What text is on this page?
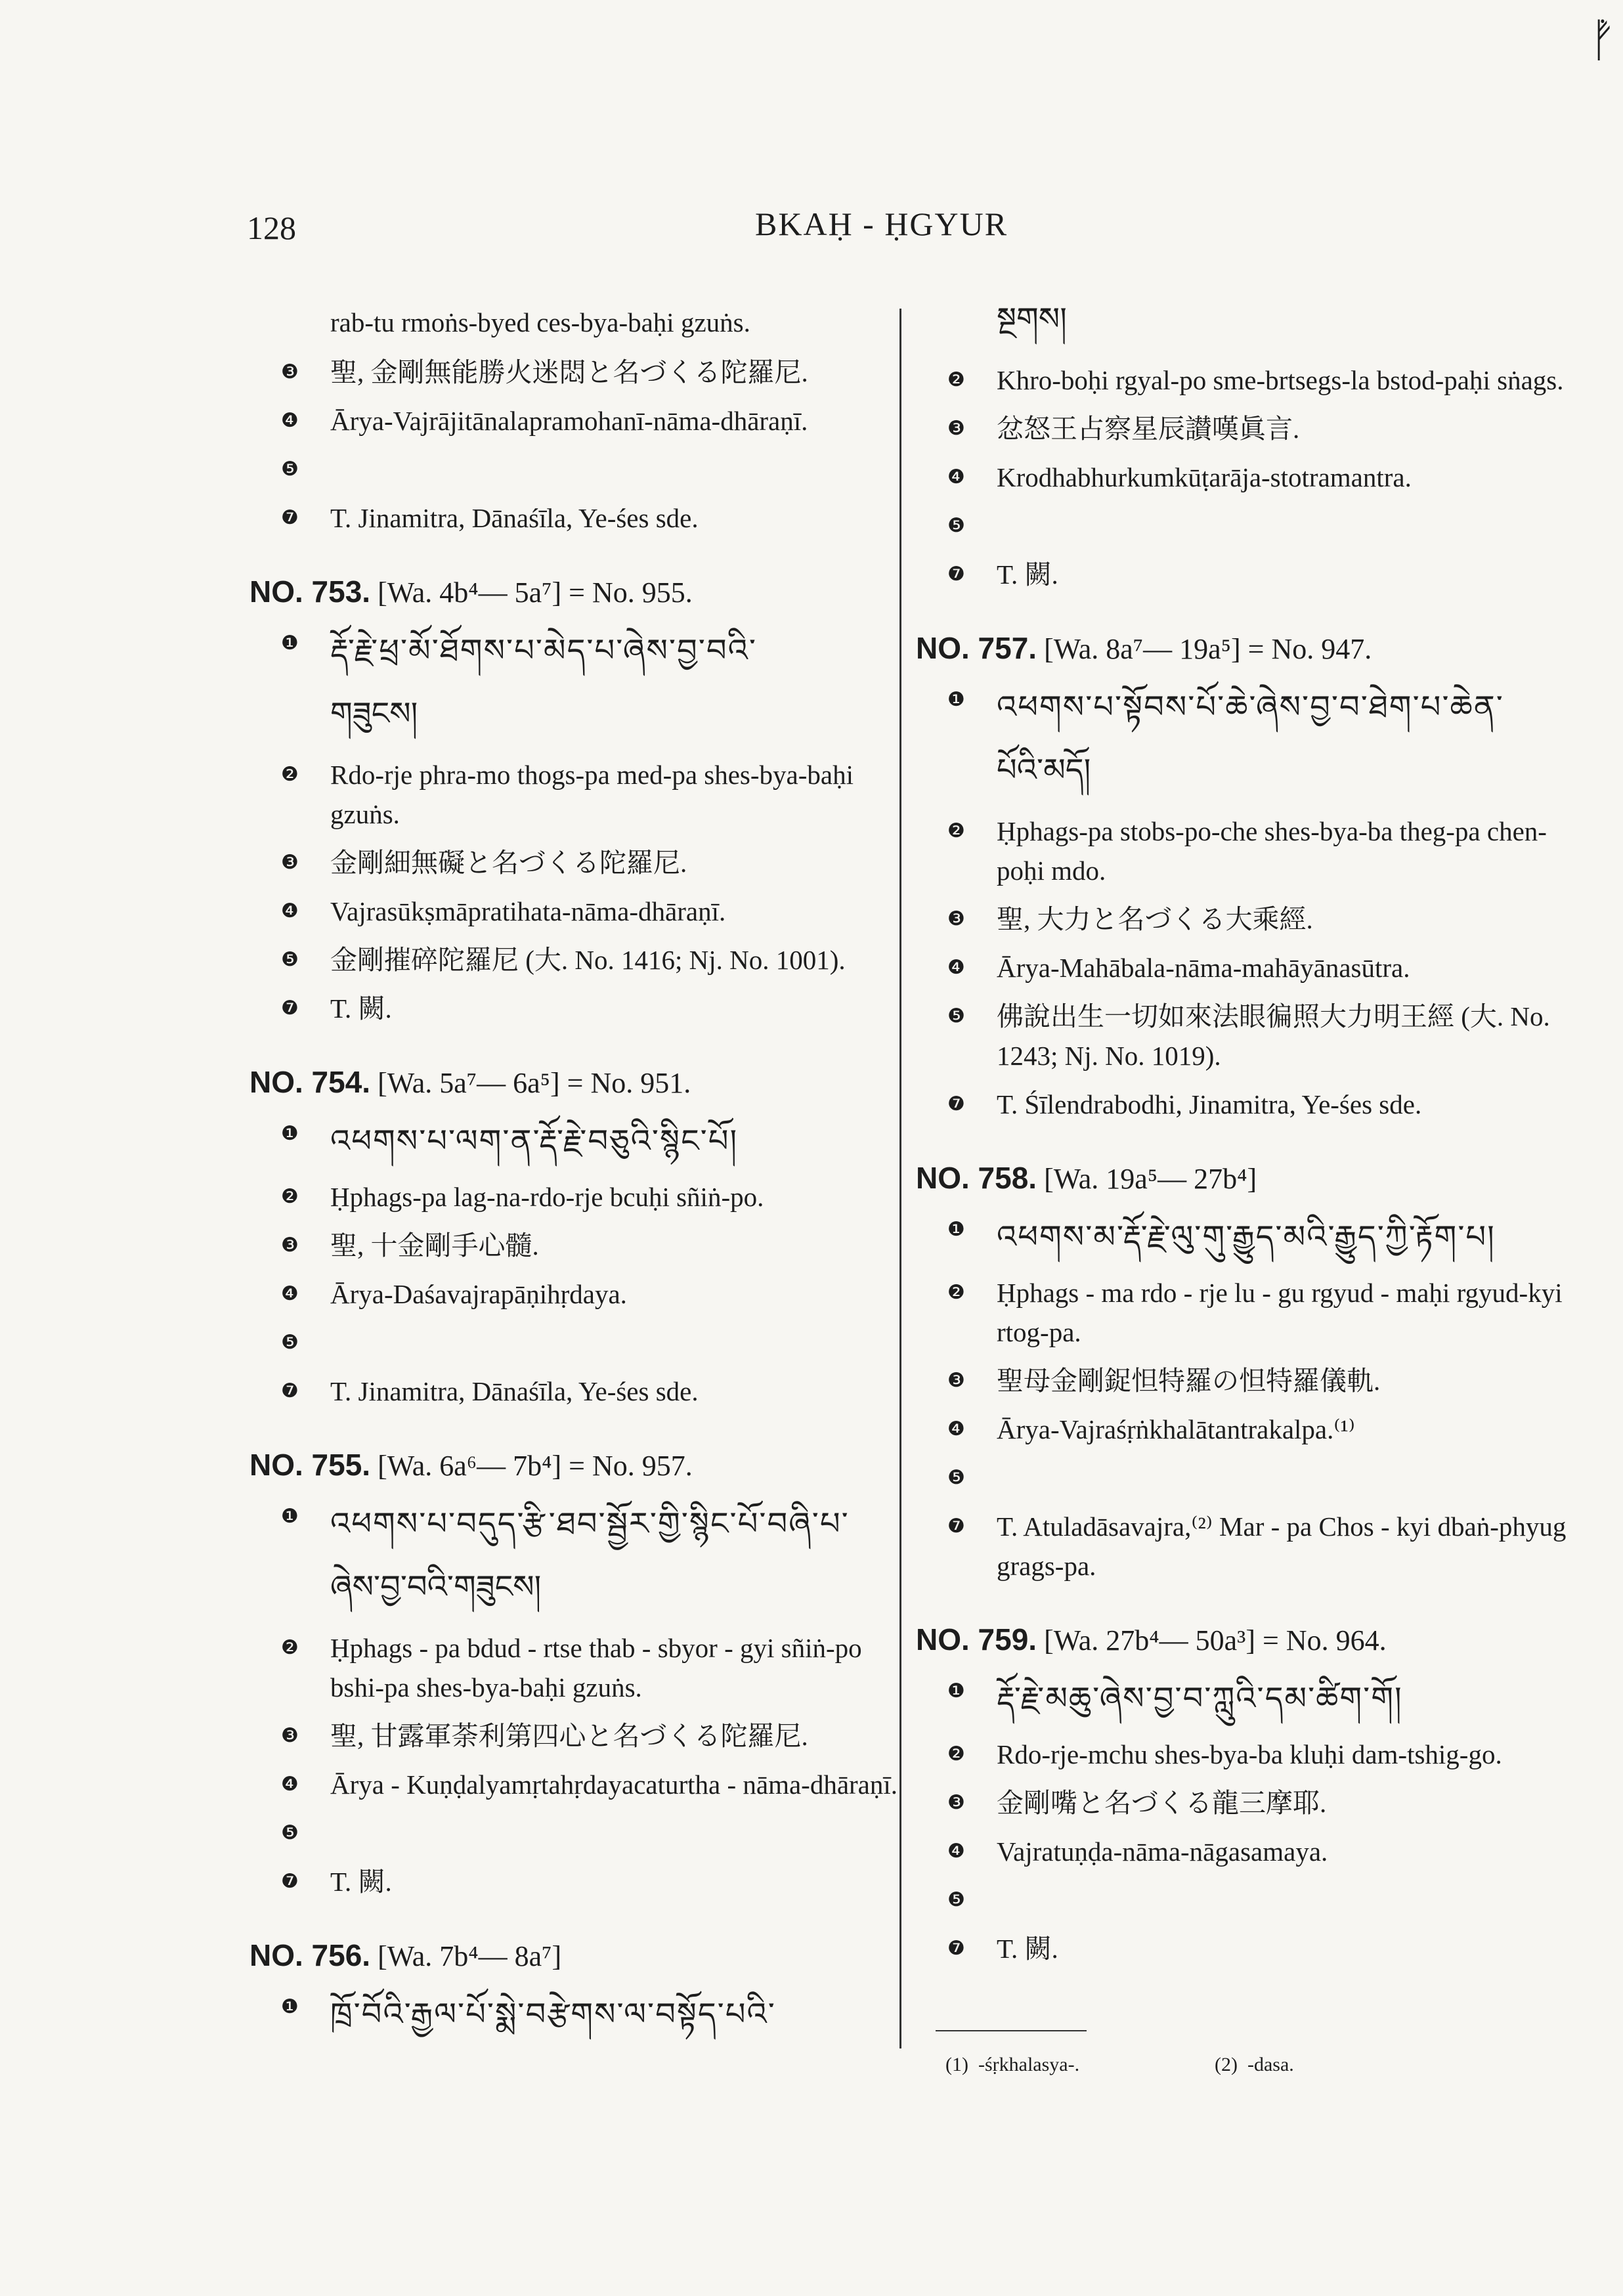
ᚡ
128	BKAḤ - ḤGYUR
rab-tu rmoṅs-byed ces-bya-baḥi gzuṅs.
❸	聖, 金剛無能勝火迷悶と名づくる陀羅尼.
❹	Ārya-Vajrājitānalapramohanī-nāma-dhāraṇī.
❺
❼	T. Jinamitra, Dānaśīla, Ye-śes sde.
NO. 753. [Wa. 4b⁴— 5a⁷] = No. 955.
❶ རྡོ་རྗེ་ཕྲ་མོ་ཐོགས་པ་མེད་པ་ཞེས་བྱ་བའི་
གཟུངས།
❷	Rdo-rje phra-mo thogs-pa med-pa shes-bya-baḥi gzuṅs.
❸	金剛細無礙と名づくる陀羅尼.
❹	Vajrasūkṣmāpratihata-nāma-dhāraṇī.
❺	金剛摧碎陀羅尼 (大. No. 1416; Nj. No. 1001).
❼	T. 闕.
NO. 754. [Wa. 5a⁷— 6a⁵] = No. 951.
❶ འཕགས་པ་ལག་ན་རྡོ་རྗེ་བཅུའི་སྙིང་པོ།
❷	Ḥphags-pa lag-na-rdo-rje bcuḥi sñiṅ-po.
❸	聖, 十金剛手心髓.
❹	Ārya-Daśavajrapāṇihṛdaya.
❺
❼	T. Jinamitra, Dānaśīla, Ye-śes sde.
NO. 755. [Wa. 6a⁶— 7b⁴] = No. 957.
❶ འཕགས་པ་བདུད་རྩི་ཐབ་སྦྱོར་གྱི་སྙིང་པོ་བཞི་པ་
ཞེས་བྱ་བའི་གཟུངས།
❷	Ḥphags - pa bdud - rtse thab - sbyor - gyi sñiṅ-po bshi-pa shes-bya-baḥi gzuṅs.
❸	聖, 甘露軍荼利第四心と名づくる陀羅尼.
❹	Ārya - Kuṇḍalyamṛtahṛdayacaturtha - nāma-dhāraṇī.
❺
❼	T. 闕.
NO. 756. [Wa. 7b⁴— 8a⁷]
❶ ཁྲོ་བོའི་རྒྱལ་པོ་སྨེ་བརྩེགས་ལ་བསྟོད་པའི་
སྔགས།
❷	Khro-boḥi rgyal-po sme-brtsegs-la bstod-paḥi sṅags.
❸	忿怒王占察星辰讃嘆眞言.
❹	Krodhabhurkumkūṭarāja-stotramantra.
❺
❼	T. 闕.
NO. 757. [Wa. 8a⁷— 19a⁵] = No. 947.
❶ འཕགས་པ་སྟོབས་པོ་ཆེ་ཞེས་བྱ་བ་ཐེག་པ་ཆེན་
པོའི་མདོ།
❷	Ḥphags-pa stobs-po-che shes-bya-ba theg-pa chen-poḥi mdo.
❸	聖, 大力と名づくる大乘經.
❹	Ārya-Mahābala-nāma-mahāyānasūtra.
❺	佛說出生一切如來法眼徧照大力明王經 (大. No. 1243; Nj. No. 1019).
❼	T. Śīlendrabodhi, Jinamitra, Ye-śes sde.
NO. 758. [Wa. 19a⁵— 27b⁴]
❶ འཕགས་མ་རྡོ་རྗེ་ལུ་གུ་རྒྱུད་མའི་རྒྱུད་ཀྱི་རྟོག་པ།
❷	Ḥphags - ma rdo - rje lu - gu rgyud - maḥi rgyud-kyi rtog-pa.
❸	聖母金剛鋜怛特羅の怛特羅儀軌.
❹	Ārya-Vajraśṛṅkhalātantrakalpa.⁽¹⁾
❺
❼	T. Atuladāsavajra,⁽²⁾ Mar - pa Chos - kyi dbaṅ-phyug grags-pa.
NO. 759. [Wa. 27b⁴— 50a³] = No. 964.
❶ རྡོ་རྗེ་མཆུ་ཞེས་བྱ་བ་ཀླུའི་དམ་ཚིག་གོ།
❷	Rdo-rje-mchu shes-bya-ba kluḥi dam-tshig-go.
❸	金剛嘴と名づくる龍三摩耶.
❹	Vajratuṇḍa-nāma-nāgasamaya.
❺
❼	T. 闕.
(1) -śṛkhalasya-.	(2) -dasa.
